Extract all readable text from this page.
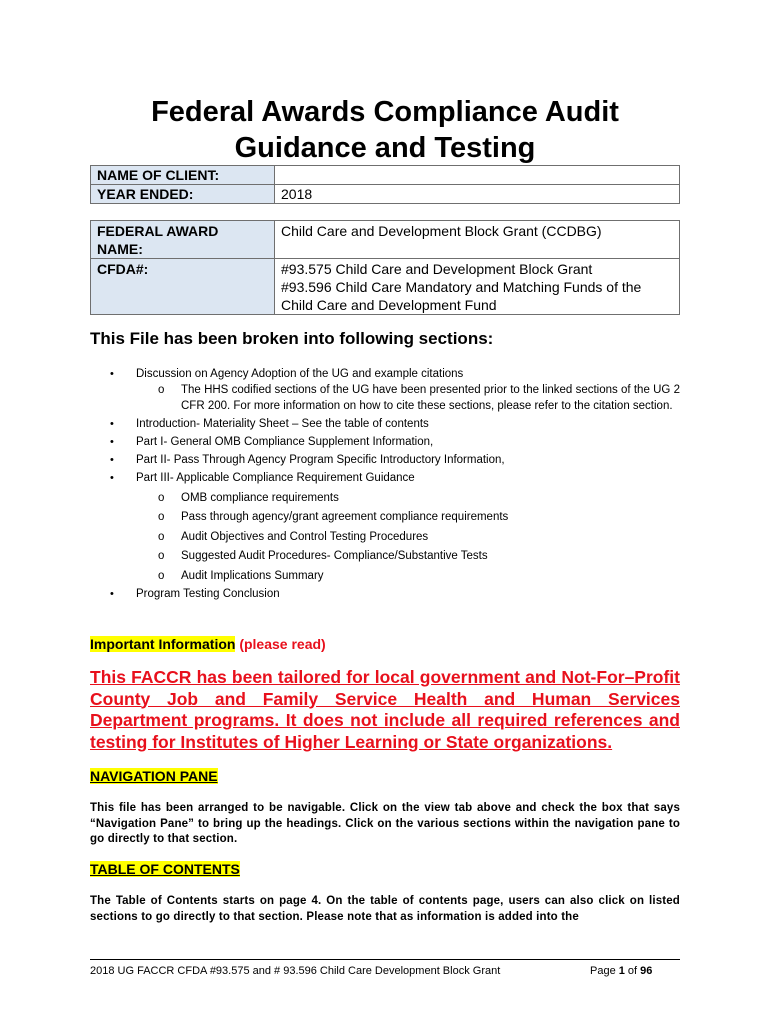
Federal Awards Compliance Audit
Guidance and Testing
NAME OF CLIENT:	
YEAR ENDED:	2018
FEDERAL AWARD NAME:	Child Care and Development Block Grant (CCDBG)
CFDA#:	#93.575 Child Care and Development Block Grant
#93.596 Child Care Mandatory and Matching Funds of the Child Care and Development Fund
This File has been broken into following sections:
• Discussion on Agency Adoption of the UG and example citations
o The HHS codified sections of the UG have been presented prior to the linked sections of the UG 2 CFR 200. For more information on how to cite these sections, please refer to the citation section.
• Introduction- Materiality Sheet – See the table of contents
• Part I- General OMB Compliance Supplement Information,
• Part II- Pass Through Agency Program Specific Introductory Information,
• Part III- Applicable Compliance Requirement Guidance
o OMB compliance requirements
o Pass through agency/grant agreement compliance requirements
o Audit Objectives and Control Testing Procedures
o Suggested Audit Procedures- Compliance/Substantive Tests
o Audit Implications Summary
• Program Testing Conclusion
Important Information (please read)

This FACCR has been tailored for local government and Not-For–Profit County Job and Family Service Health and Human Services Department programs. It does not include all required references and testing for Institutes of Higher Learning or State organizations.

NAVIGATION PANE

This file has been arranged to be navigable. Click on the view tab above and check the box that says “Navigation Pane” to bring up the headings. Click on the various sections within the navigation pane to go directly to that section.

TABLE OF CONTENTS

The Table of Contents starts on page 4. On the table of contents page, users can also click on listed sections to go directly to that section. Please note that as information is added into the

2018 UG FACCR CFDA #93.575 and # 93.596 Child Care Development Block Grant	Page 1 of 96
